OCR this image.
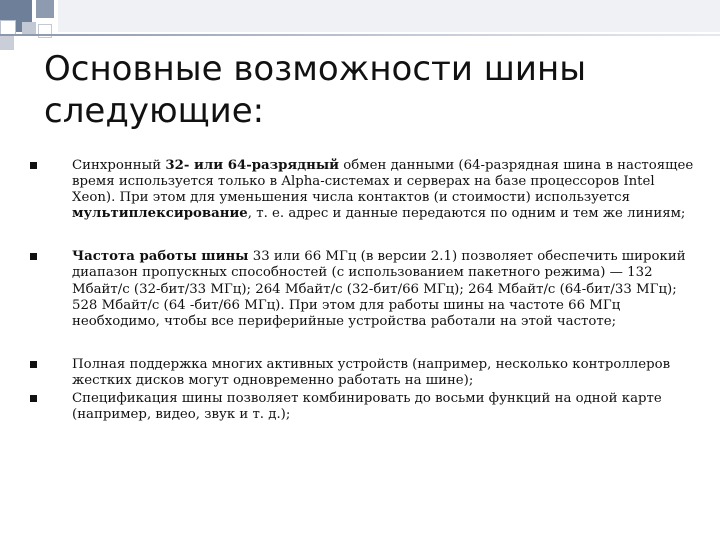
Основные возможности шины следующие:
Синхронный 32- или 64-разрядный обмен данными (64-разрядная шина в настоящее время используется только в Alpha-системах и серверах на базе процессоров Intel Xeon). При этом для уменьшения числа контактов (и стоимости) используется мультиплексирование, т. е. адрес и данные передаются по одним и тем же линиям;
Частота работы шины 33 или 66 МГц (в версии 2.1) позволяет обеспечить широкий диапазон пропускных способностей (с использованием пакетного режима) — 132 Мбайт/с (32-бит/33 МГц); 264 Мбайт/с (32-бит/66 МГц); 264 Мбайт/с (64-бит/33 МГц); 528 Мбайт/с (64 -бит/66 МГц). При этом для работы шины на частоте 66 МГц необходимо, чтобы все периферийные устройства работали на этой частоте;
Полная поддержка многих активных устройств (например, несколько контроллеров жестких дисков могут одновременно работать на шине);
Спецификация шины позволяет комбинировать до восьми функций на одной карте (например, видео, звук и т. д.);
